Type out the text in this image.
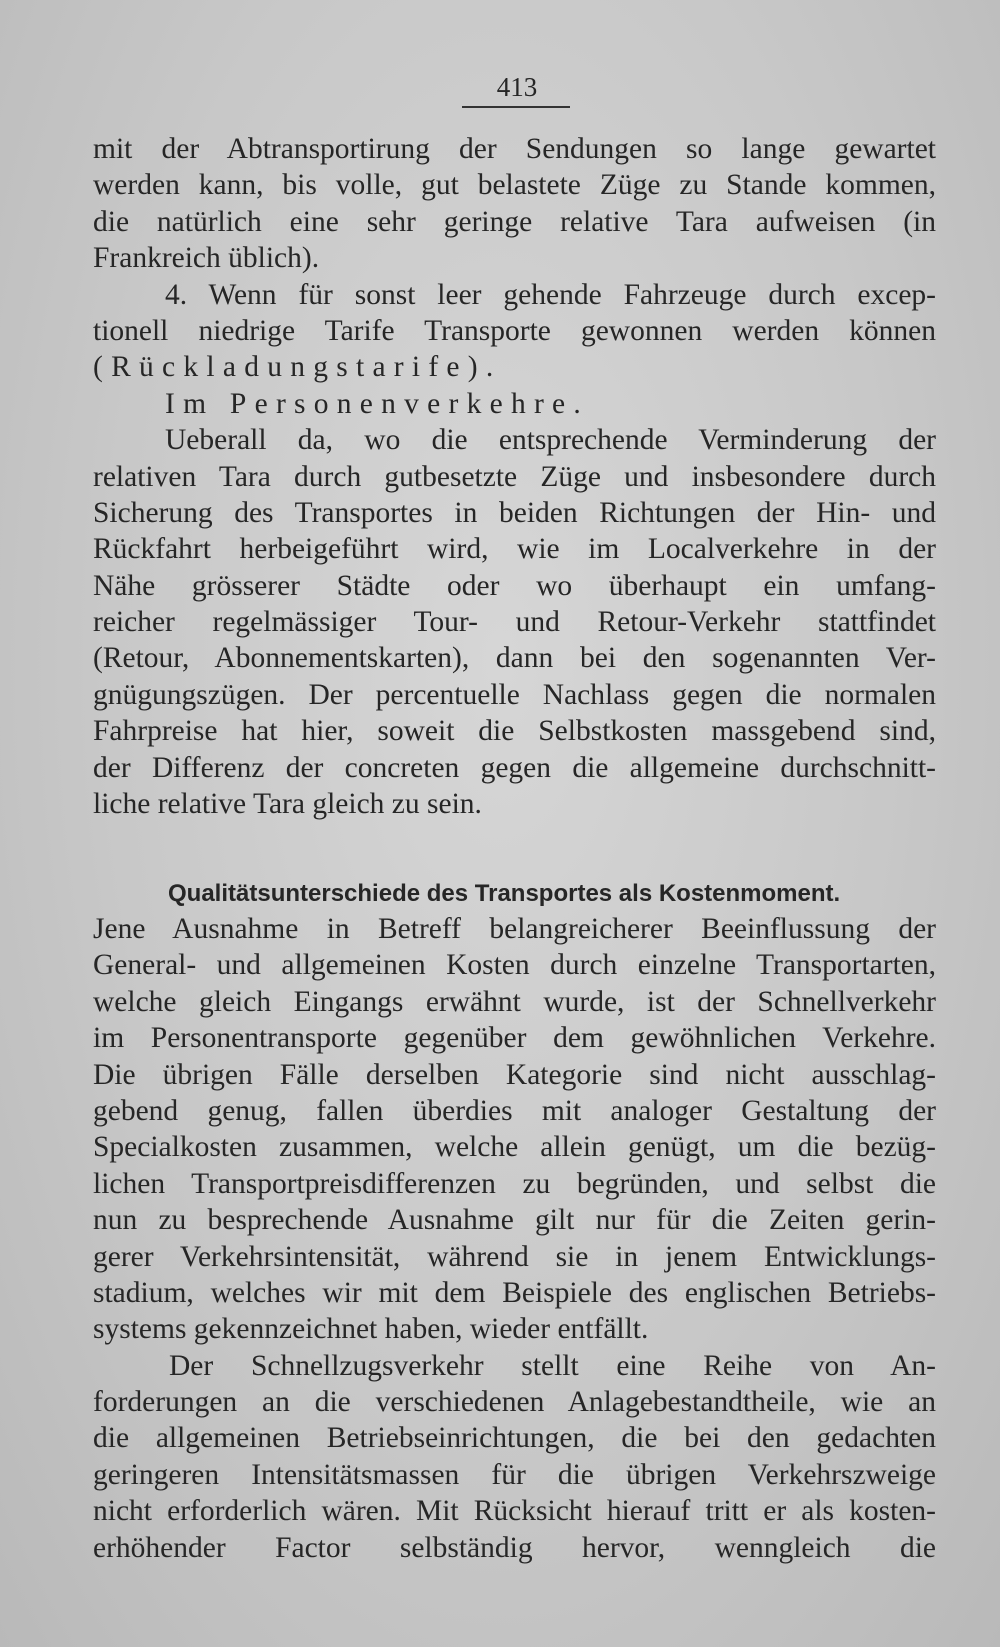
413
mit der Abtransportirung der Sendungen so lange gewartet
werden kann, bis volle, gut belastete Züge zu Stande kommen,
die natürlich eine sehr geringe relative Tara aufweisen (in
Frankreich üblich).
4. Wenn für sonst leer gehende Fahrzeuge durch excep-
tionell niedrige Tarife Transporte gewonnen werden können
(Rückladungstarife).
Im Personenverkehre.
Ueberall da, wo die entsprechende Verminderung der
relativen Tara durch gutbesetzte Züge und insbesondere durch
Sicherung des Transportes in beiden Richtungen der Hin- und
Rückfahrt herbeigeführt wird, wie im Localverkehre in der
Nähe grösserer Städte oder wo überhaupt ein umfang-
reicher regelmässiger Tour- und Retour-Verkehr stattfindet
(Retour, Abonnementskarten), dann bei den sogenannten Ver-
gnügungszügen. Der percentuelle Nachlass gegen die normalen
Fahrpreise hat hier, soweit die Selbstkosten massgebend sind,
der Differenz der concreten gegen die allgemeine durchschnitt-
liche relative Tara gleich zu sein.
Qualitätsunterschiede des Transportes als Kostenmoment.
Jene Ausnahme in Betreff belangreicherer Beeinflussung der
General- und allgemeinen Kosten durch einzelne Transportarten,
welche gleich Eingangs erwähnt wurde, ist der Schnellverkehr
im Personentransporte gegenüber dem gewöhnlichen Verkehre.
Die übrigen Fälle derselben Kategorie sind nicht ausschlag-
gebend genug, fallen überdies mit analoger Gestaltung der
Specialkosten zusammen, welche allein genügt, um die bezüg-
lichen Transportpreisdifferenzen zu begründen, und selbst die
nun zu besprechende Ausnahme gilt nur für die Zeiten gerin-
gerer Verkehrsintensität, während sie in jenem Entwicklungs-
stadium, welches wir mit dem Beispiele des englischen Betriebs-
systems gekennzeichnet haben, wieder entfällt.
Der Schnellzugsverkehr stellt eine Reihe von An-
forderungen an die verschiedenen Anlagebestandtheile, wie an
die allgemeinen Betriebseinrichtungen, die bei den gedachten
geringeren Intensitätsmassen für die übrigen Verkehrszweige
nicht erforderlich wären. Mit Rücksicht hierauf tritt er als kosten-
erhöhender Factor selbständig hervor, wenngleich die
